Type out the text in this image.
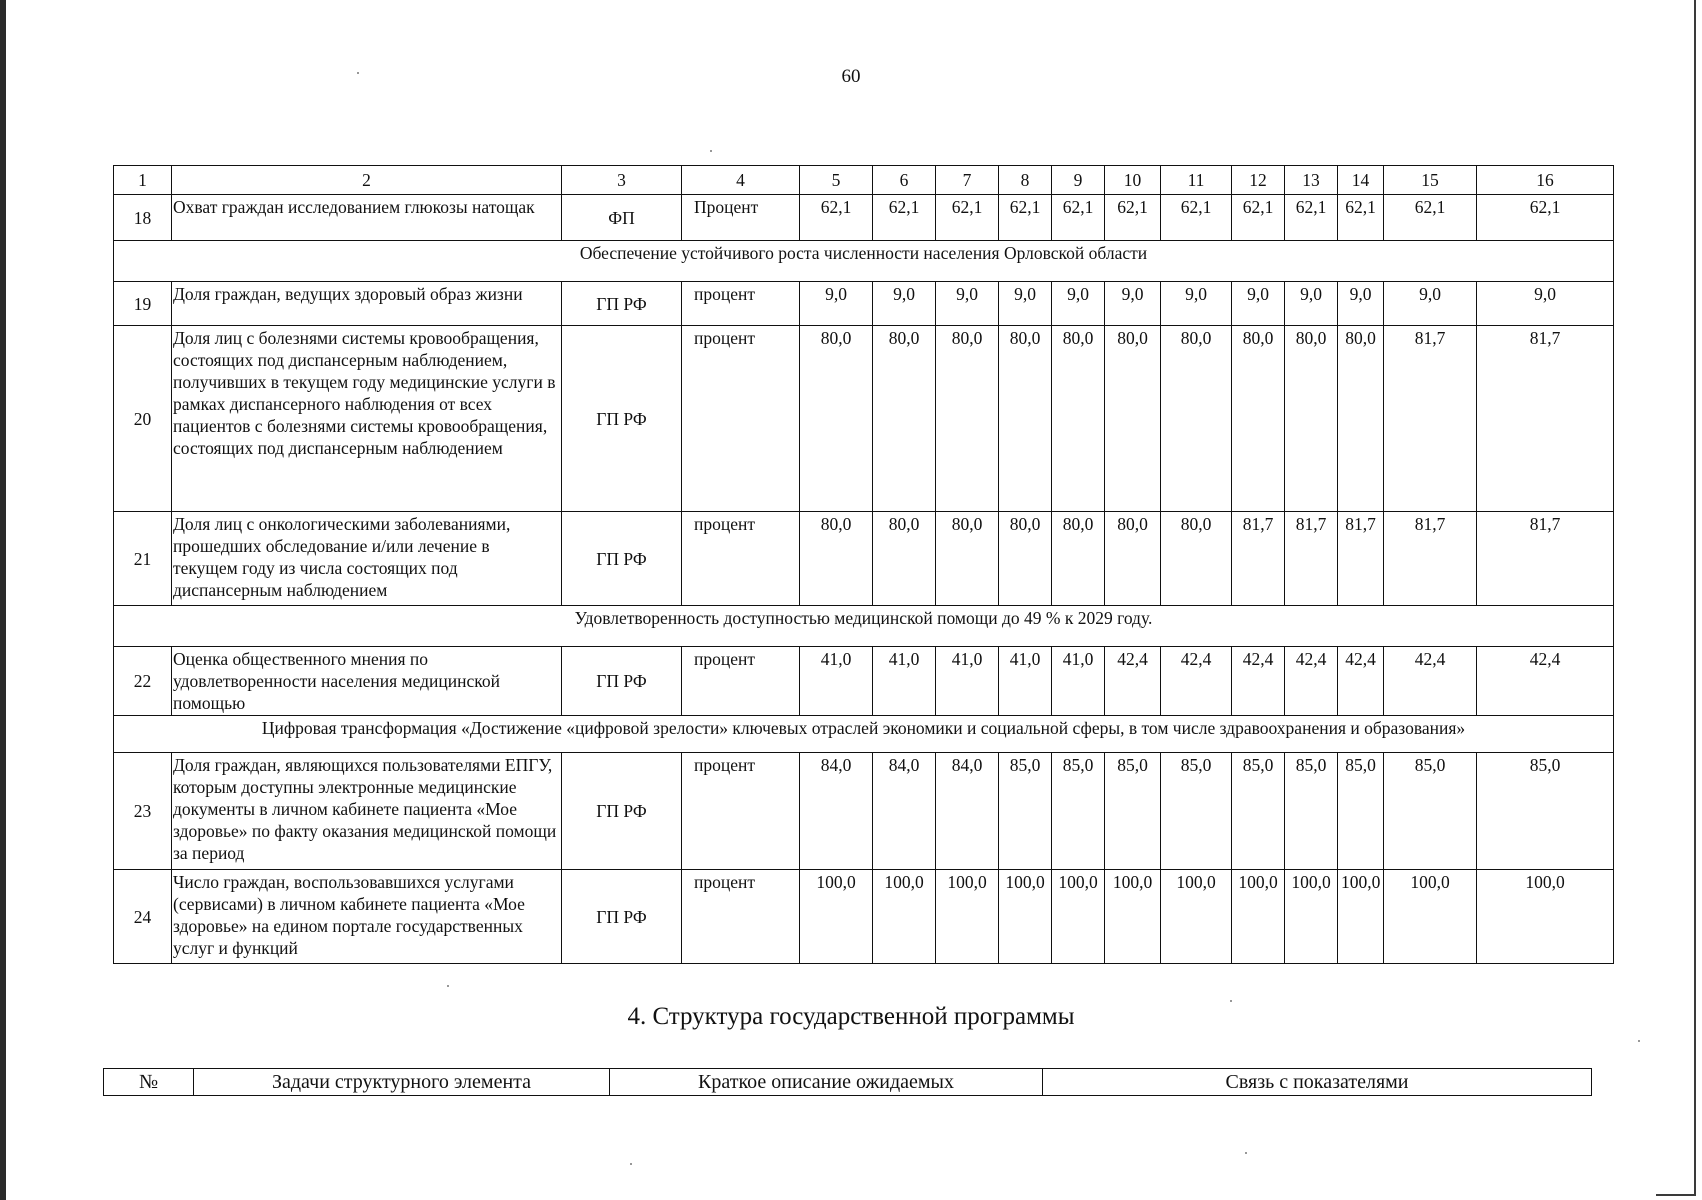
60
1	2	3	4	5	6	7	8	9	10	11	12	13	14	15	16
18	Охват граждан исследованием глюкозы натощак	ФП	Процент	62,1	62,1	62,1	62,1	62,1	62,1	62,1	62,1	62,1	62,1	62,1	62,1
Обеспечение устойчивого роста численности населения Орловской области															
19	Доля граждан, ведущих здоровый образ жизни	ГП РФ	процент	9,0	9,0	9,0	9,0	9,0	9,0	9,0	9,0	9,0	9,0	9,0	9,0
20	Доля лиц с болезнями системы кровообращения, состоящих под диспансерным наблюдением, получивших в текущем году медицинские услуги в рамках диспансерного наблюдения от всех пациентов с болезнями системы кровообращения, состоящих под диспансерным наблюдением	ГП РФ	процент	80,0	80,0	80,0	80,0	80,0	80,0	80,0	80,0	80,0	80,0	81,7	81,7
21	Доля лиц с онкологическими заболеваниями, прошедших обследование и/или лечение в текущем году из числа состоящих под диспансерным наблюдением	ГП РФ	процент	80,0	80,0	80,0	80,0	80,0	80,0	80,0	81,7	81,7	81,7	81,7	81,7
Удовлетворенность доступностью медицинской помощи до 49 % к 2029 году.															
22	Оценка общественного мнения по удовлетворенности населения медицинской помощью	ГП РФ	процент	41,0	41,0	41,0	41,0	41,0	42,4	42,4	42,4	42,4	42,4	42,4	42,4
Цифровая трансформация «Достижение «цифровой зрелости» ключевых отраслей экономики и социальной сферы, в том числе здравоохранения и образования»															
23	Доля граждан, являющихся пользователями ЕПГУ, которым доступны электронные медицинские документы в личном кабинете пациента «Мое здоровье» по факту оказания медицинской помощи за период	ГП РФ	процент	84,0	84,0	84,0	85,0	85,0	85,0	85,0	85,0	85,0	85,0	85,0	85,0
24	Число граждан, воспользовавшихся услугами (сервисами) в личном кабинете пациента «Мое здоровье» на едином портале государственных услуг и функций	ГП РФ	процент	100,0	100,0	100,0	100,0	100,0	100,0	100,0	100,0	100,0	100,0	100,0	100,0
4. Структура государственной программы
№	Задачи структурного элемента	Краткое описание ожидаемых	Связь с показателями
